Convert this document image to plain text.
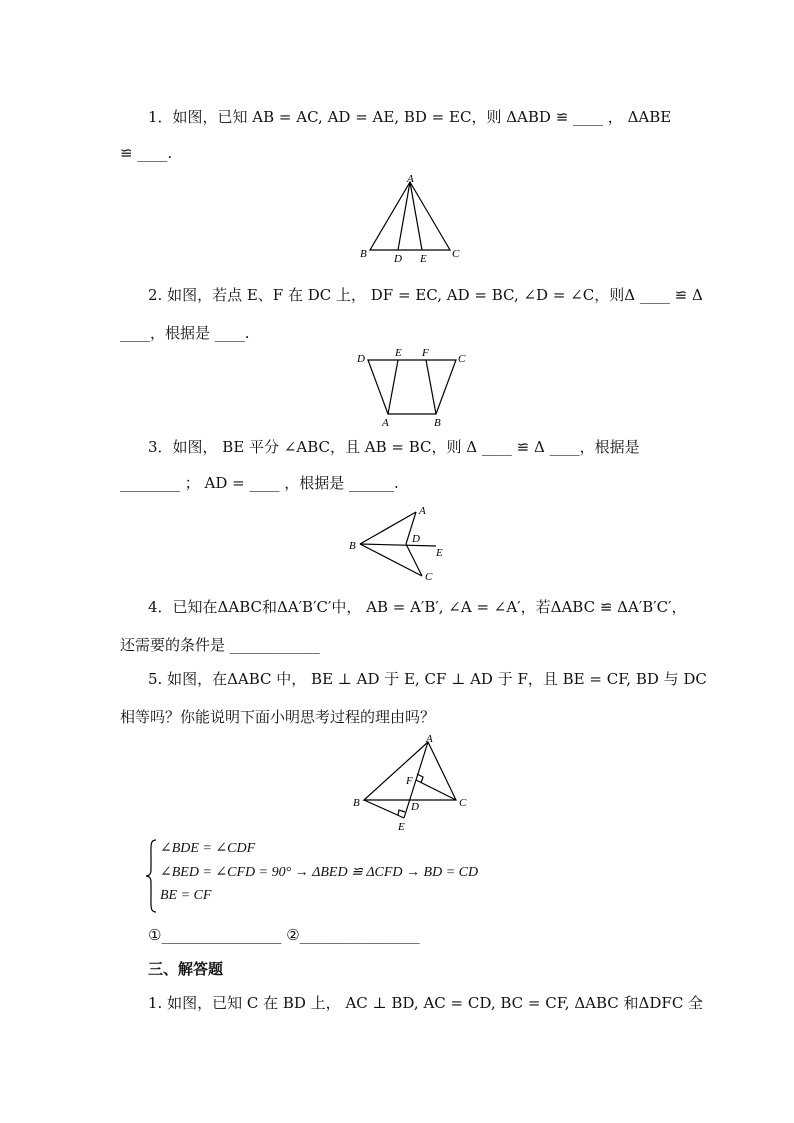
1．如图，已知 AB = AC, AD = AE, BD = EC，则 ΔABD ≌ ____ ， ΔABE
≌ ____.
A
B D E C
2. 如图，若点 E、F 在 DC 上， DF = EC, AD = BC, ∠D = ∠C，则Δ ____ ≌ Δ
____，根据是 ____.
D	E F	C
A	B
3．如图， BE 平分 ∠ABC，且 AB = BC，则 Δ ____ ≌ Δ ____，根据是
________ ； AD = ____ ，根据是 ______.
A
B
D
E
C
4．已知在ΔABC和ΔA′B′C′中， AB = A′B′, ∠A = ∠A′，若ΔABC ≌ ΔA′B′C′，
还需要的条件是 ____________
5. 如图，在ΔABC 中， BE ⊥ AD 于 E, CF ⊥ AD 于 F，且 BE = CF, BD 与 DC
相等吗？你能说明下面小明思考过程的理由吗？
A
F
B	D	C
E
∠BDE = ∠CDF
∠BED = ∠CFD = 90° → ΔBED ≌ ΔCFD → BD = CD
BE = CF
①________________ ②________________
三、解答题
1. 如图，已知 C 在 BD 上， AC ⊥ BD, AC = CD, BC = CF, ΔABC 和ΔDFC 全
